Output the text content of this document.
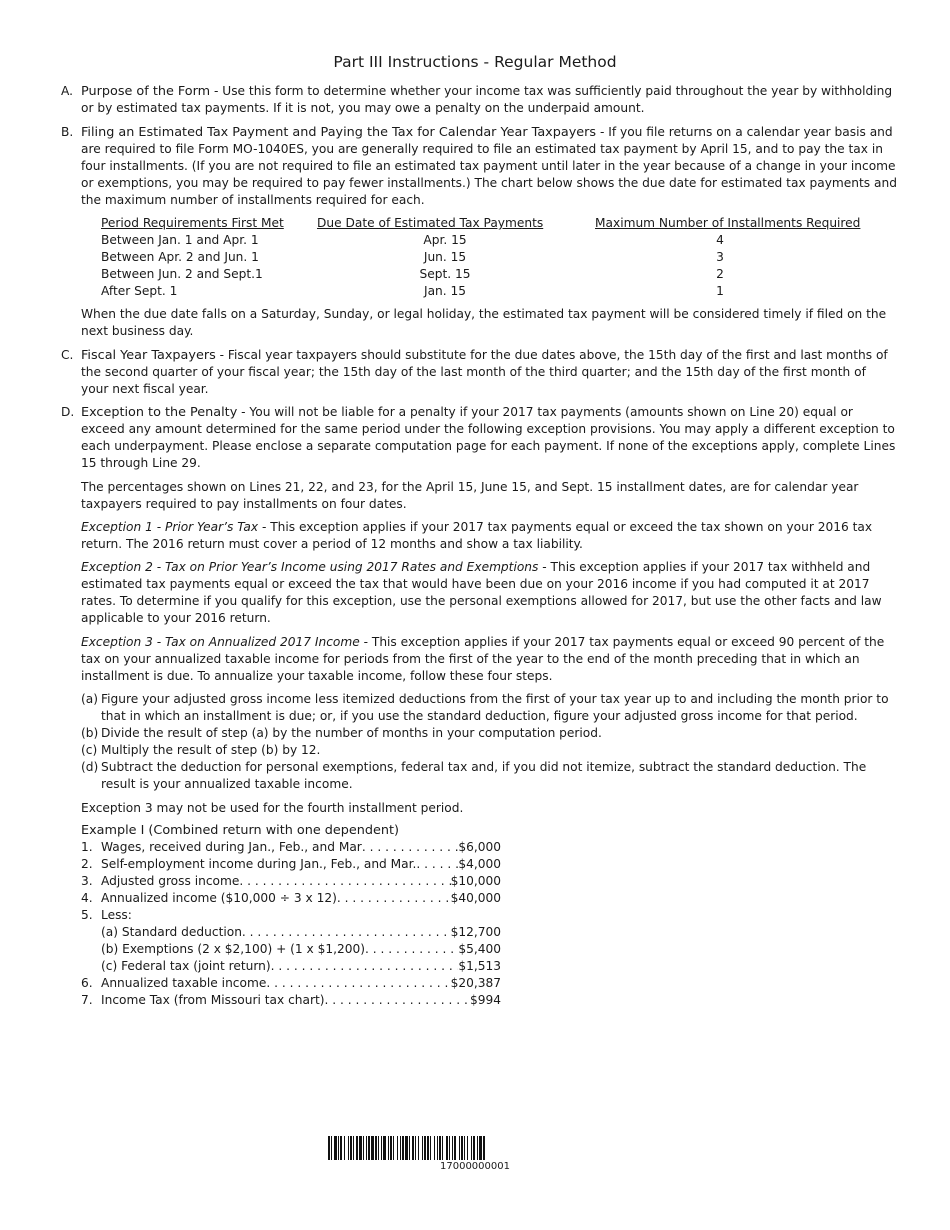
Part III Instructions - Regular Method
A. Purpose of the Form - Use this form to determine whether your income tax was sufficiently paid throughout the year by withholding or by estimated tax payments. If it is not, you may owe a penalty on the underpaid amount.

B. Filing an Estimated Tax Payment and Paying the Tax for Calendar Year Taxpayers - If you file returns on a calendar year basis and are required to file Form MO-1040ES, you are generally required to file an estimated tax payment by April 15, and to pay the tax in four installments. (If you are not required to file an estimated tax payment until later in the year because of a change in your income or exemptions, you may be required to pay fewer installments.) The chart below shows the due date for estimated tax payments and the maximum number of installments required for each.

Period Requirements First Met	Due Date of Estimated Tax Payments	Maximum Number of Installments Required
Between Jan. 1 and Apr. 1	Apr. 15	4
Between Apr. 2 and Jun. 1	Jun. 15	3
Between Jun. 2 and Sept.1	Sept. 15	2
After Sept. 1	Jan. 15	1

When the due date falls on a Saturday, Sunday, or legal holiday, the estimated tax payment will be considered timely if filed on the next business day.

C. Fiscal Year Taxpayers - Fiscal year taxpayers should substitute for the due dates above, the 15th day of the first and last months of the second quarter of your fiscal year; the 15th day of the last month of the third quarter; and the 15th day of the first month of your next fiscal year.

D. Exception to the Penalty - You will not be liable for a penalty if your 2017 tax payments (amounts shown on Line 20) equal or exceed any amount determined for the same period under the following exception provisions. You may apply a different exception to each underpayment. Please enclose a separate computation page for each payment. If none of the exceptions apply, complete Lines 15 through Line 29.

The percentages shown on Lines 21, 22, and 23, for the April 15, June 15, and Sept. 15 installment dates, are for calendar year taxpayers required to pay installments on four dates.

Exception 1 - Prior Year’s Tax - This exception applies if your 2017 tax payments equal or exceed the tax shown on your 2016 tax return. The 2016 return must cover a period of 12 months and show a tax liability.

Exception 2 - Tax on Prior Year’s Income using 2017 Rates and Exemptions - This exception applies if your 2017 tax withheld and estimated tax payments equal or exceed the tax that would have been due on your 2016 income if you had computed it at 2017 rates. To determine if you qualify for this exception, use the personal exemptions allowed for 2017, but use the other facts and law applicable to your 2016 return.

Exception 3 - Tax on Annualized 2017 Income - This exception applies if your 2017 tax payments equal or exceed 90 percent of the tax on your annualized taxable income for periods from the first of the year to the end of the month preceding that in which an installment is due. To annualize your taxable income, follow these four steps.

(a) Figure your adjusted gross income less itemized deductions from the first of your tax year up to and including the month prior to that in which an installment is due; or, if you use the standard deduction, figure your adjusted gross income for that period.
(b) Divide the result of step (a) by the number of months in your computation period.
(c) Multiply the result of step (b) by 12.
(d) Subtract the deduction for personal exemptions, federal tax and, if you did not itemize, subtract the standard deduction. The result is your annualized taxable income.

Exception 3 may not be used for the fourth installment period.

Example I (Combined return with one dependent)
1. Wages, received during Jan., Feb., and Mar . . .	$6,000
2. Self-employment income during Jan., Feb., and Mar. . . .	$4,000
3. Adjusted gross income . . .	$10,000
4. Annualized income ($10,000 ÷ 3 x 12) . . .	$40,000
5. Less:
(a) Standard deduction . . .	$12,700
(b) Exemptions (2 x $2,100) + (1 x $1,200) . . .	$5,400
(c) Federal tax (joint return) . . .	$1,513
6. Annualized taxable income . . .	$20,387
7. Income Tax (from Missouri tax chart) . . .	$994
17000000001
